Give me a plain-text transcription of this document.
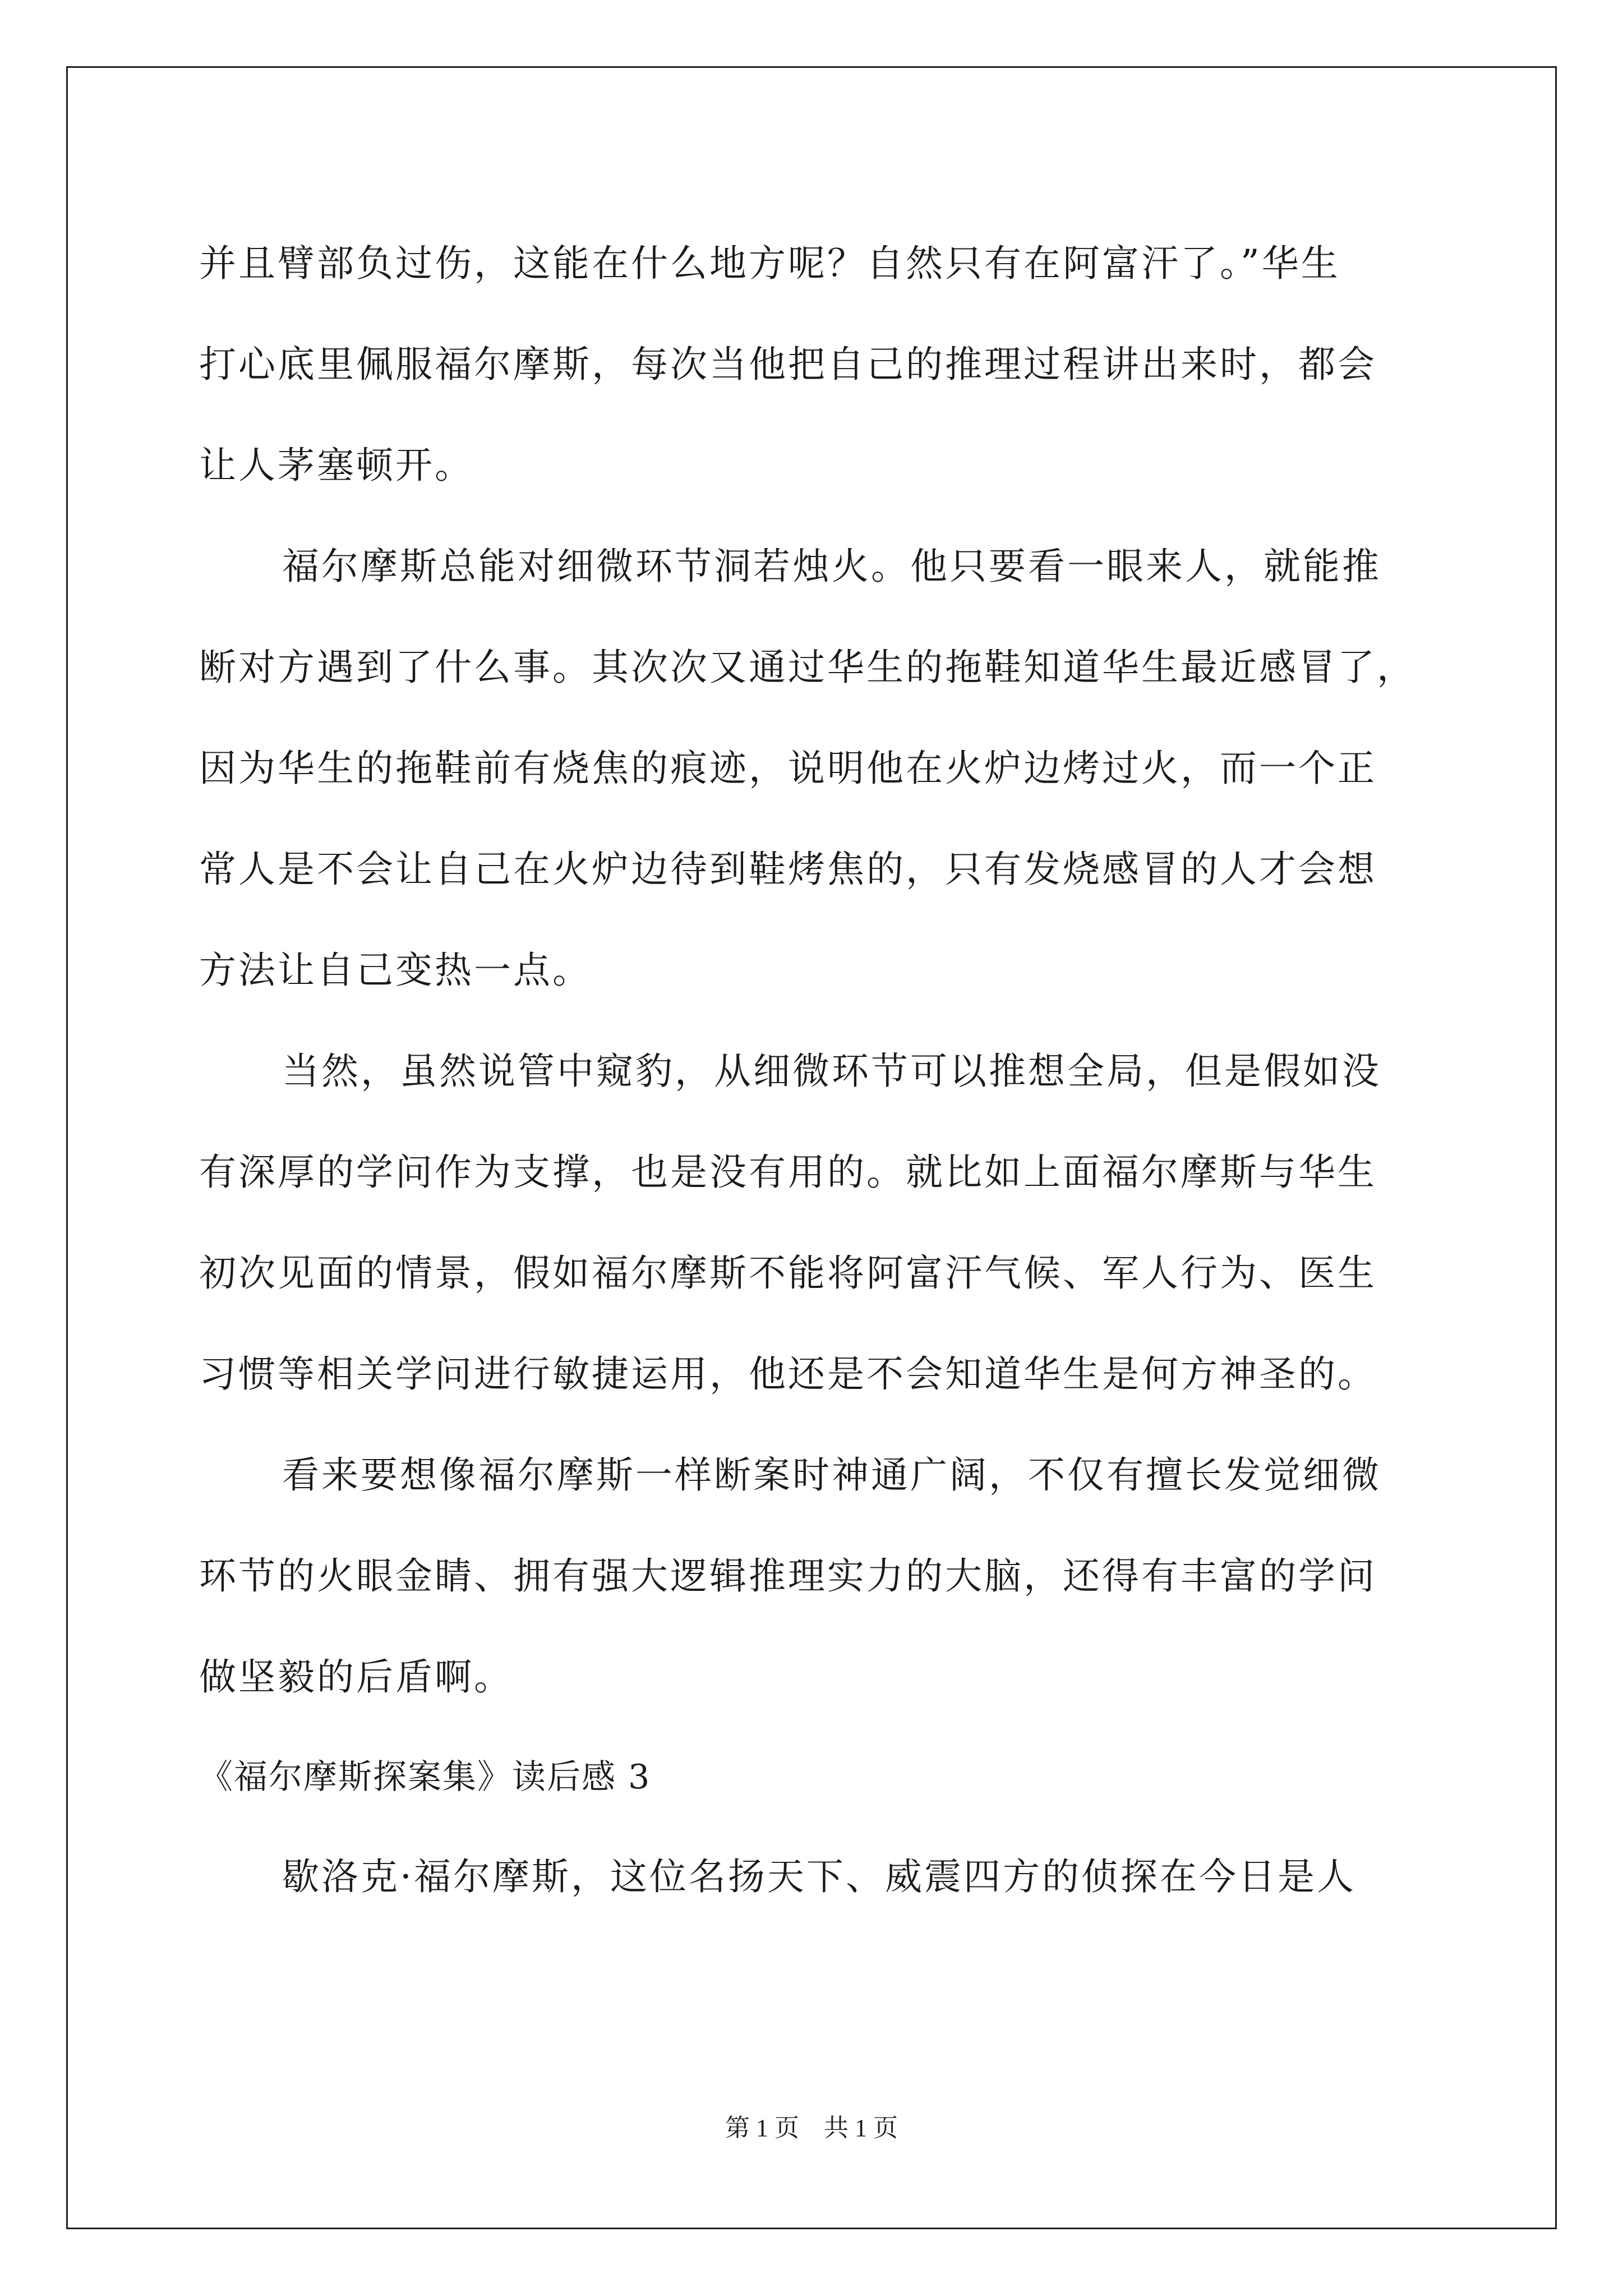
并且臂部负过伤，这能在什么地方呢？自然只有在阿富汗了。”华生
打心底里佩服福尔摩斯，每次当他把自己的推理过程讲出来时，都会
让人茅塞顿开。
福尔摩斯总能对细微环节洞若烛火。他只要看一眼来人，就能推
断对方遇到了什么事。其次次又通过华生的拖鞋知道华生最近感冒了，
因为华生的拖鞋前有烧焦的痕迹，说明他在火炉边烤过火，而一个正
常人是不会让自己在火炉边待到鞋烤焦的，只有发烧感冒的人才会想
方法让自己变热一点。
当然，虽然说管中窥豹，从细微环节可以推想全局，但是假如没
有深厚的学问作为支撑，也是没有用的。就比如上面福尔摩斯与华生
初次见面的情景，假如福尔摩斯不能将阿富汗气候、军人行为、医生
习惯等相关学问进行敏捷运用，他还是不会知道华生是何方神圣的。
看来要想像福尔摩斯一样断案时神通广阔，不仅有擅长发觉细微
环节的火眼金睛、拥有强大逻辑推理实力的大脑，还得有丰富的学问
做坚毅的后盾啊。
《福尔摩斯探案集》读后感 3
歇洛克·福尔摩斯，这位名扬天下、威震四方的侦探在今日是人
第 1 页    共 1 页
